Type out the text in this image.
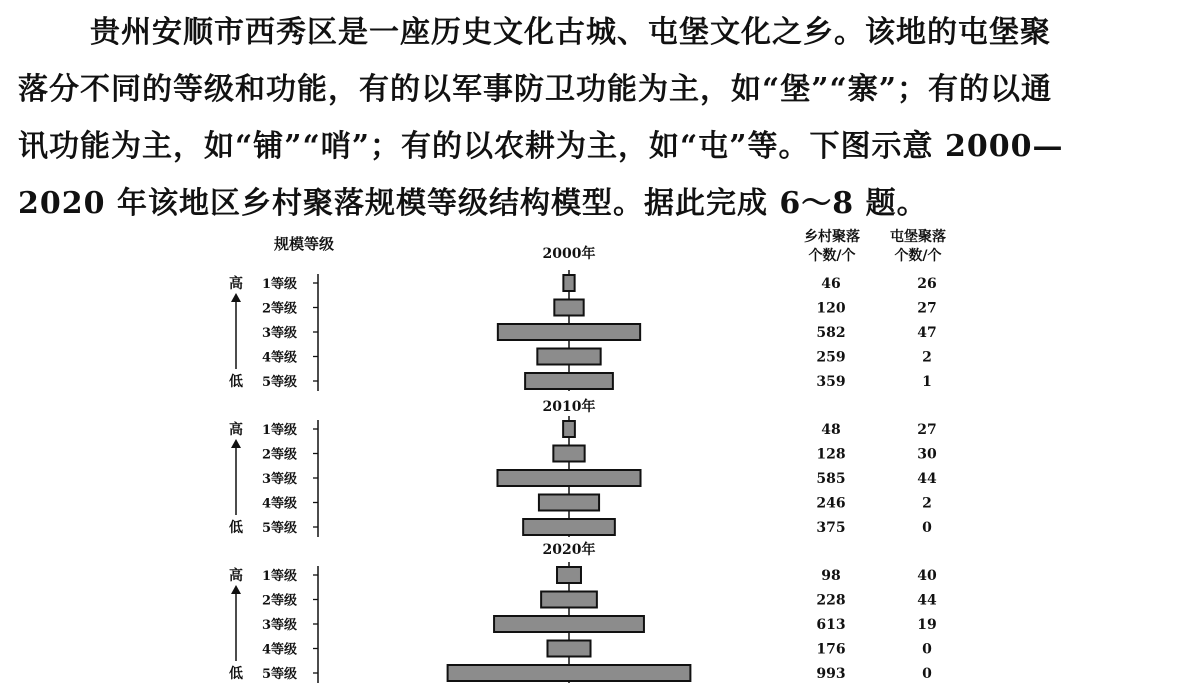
贵州安顺市西秀区是一座历史文化古城、屯堡文化之乡。该地的屯堡聚
落分不同的等级和功能，有的以军事防卫功能为主，如“堡”“寨”；有的以通
讯功能为主，如“铺”“哨”；有的以农耕为主，如“屯”等。下图示意 2000—
2020 年该地区乡村聚落规模等级结构模型。据此完成 6～8 题。
规模等级	乡村聚落
个数/个
屯堡聚落
个数/个
2000年
高
低
1等级	46	26
2等级	120	27
3等级	582	47
4等级	259	2
5等级	359	1
2010年
高
低
1等级	48	27
2等级	128	30
3等级	585	44
4等级	246	2
5等级	375	0
2020年
高
低
1等级	98	40
2等级	228	44
3等级	613	19
4等级	176	0
5等级	993	0
